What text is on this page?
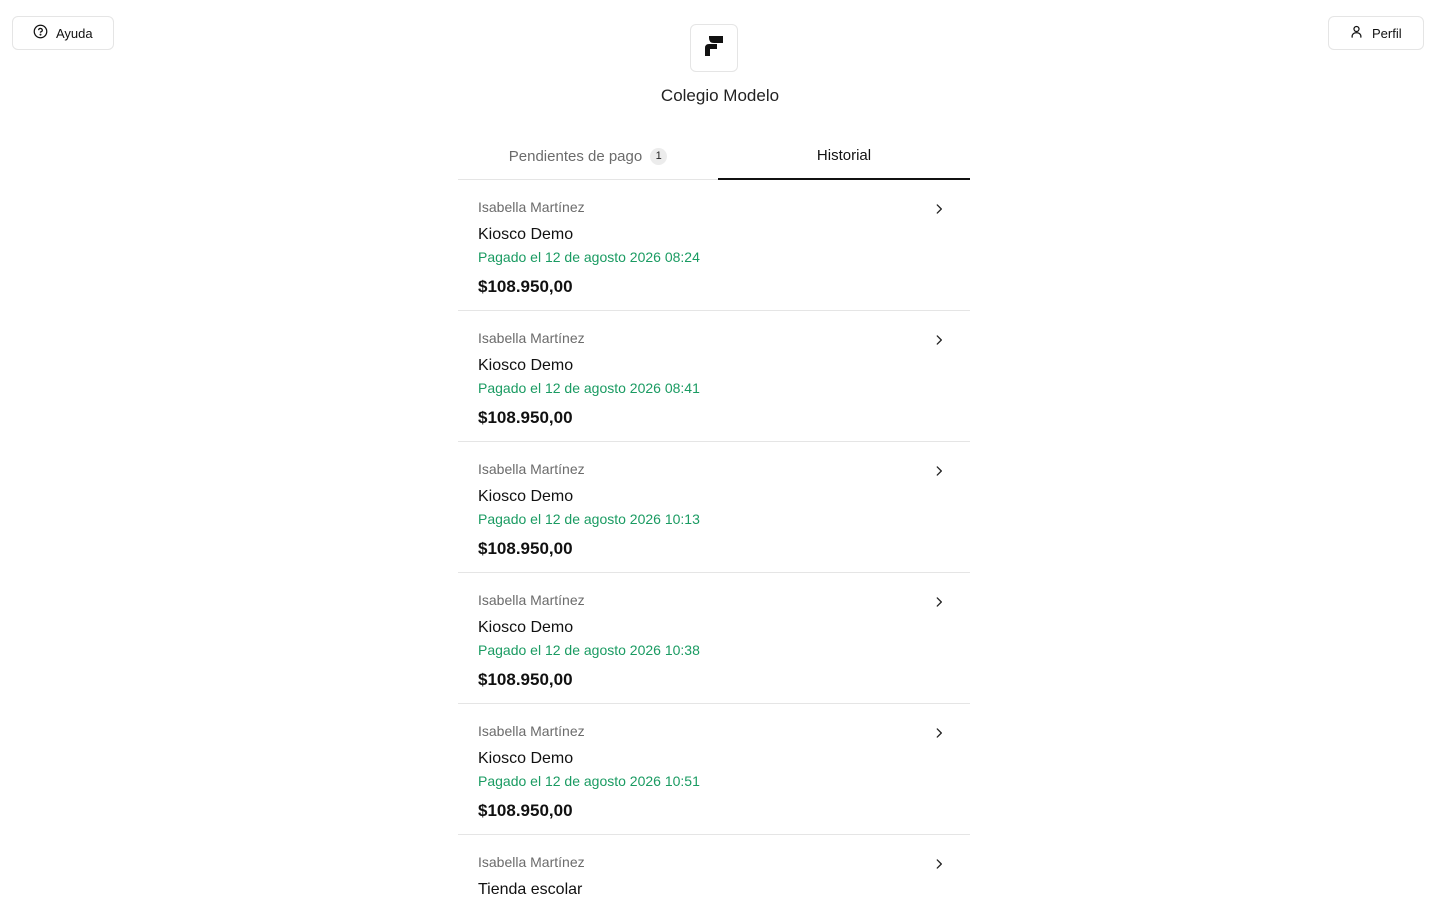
Ayuda	Perfil
Colegio Modelo
Pendientes de pago	1	Historial
Isabella Martínez
Kiosco Demo
Pagado el 12 de agosto 2026 08:24
$108.950,00
Isabella Martínez
Kiosco Demo
Pagado el 12 de agosto 2026 08:41
$108.950,00
Isabella Martínez
Kiosco Demo
Pagado el 12 de agosto 2026 10:13
$108.950,00
Isabella Martínez
Kiosco Demo
Pagado el 12 de agosto 2026 10:38
$108.950,00
Isabella Martínez
Kiosco Demo
Pagado el 12 de agosto 2026 10:51
$108.950,00
Isabella Martínez
Tienda escolar
